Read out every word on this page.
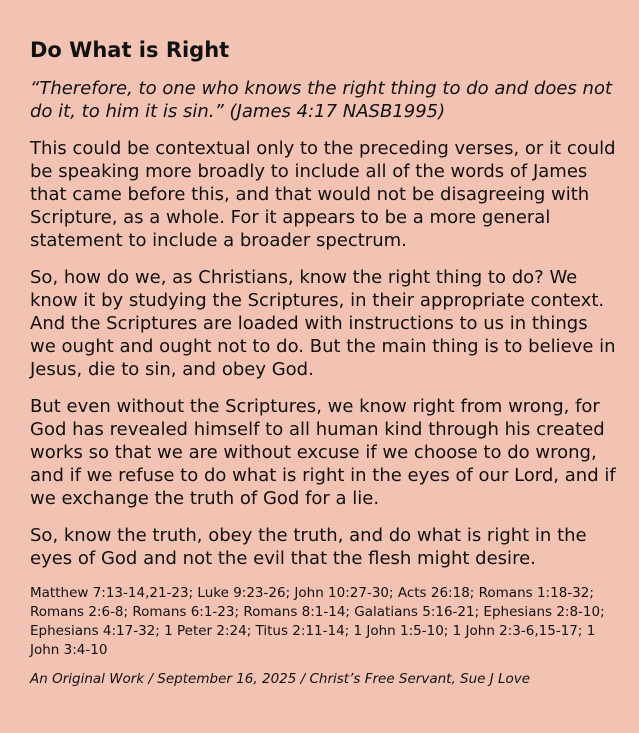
Do What is Right

“Therefore, to one who knows the right thing to do and does not do it, to him it is sin.” (James 4:17 NASB1995)

This could be contextual only to the preceding verses, or it could be speaking more broadly to include all of the words of James that came before this, and that would not be disagreeing with Scripture, as a whole. For it appears to be a more general statement to include a broader spectrum.

So, how do we, as Christians, know the right thing to do? We know it by studying the Scriptures, in their appropriate context. And the Scriptures are loaded with instructions to us in things we ought and ought not to do. But the main thing is to believe in Jesus, die to sin, and obey God.

But even without the Scriptures, we know right from wrong, for God has revealed himself to all human kind through his created works so that we are without excuse if we choose to do wrong, and if we refuse to do what is right in the eyes of our Lord, and if we exchange the truth of God for a lie.

So, know the truth, obey the truth, and do what is right in the eyes of God and not the evil that the flesh might desire.

Matthew 7:13-14,21-23; Luke 9:23-26; John 10:27-30; Acts 26:18; Romans 1:18-32; Romans 2:6-8; Romans 6:1-23; Romans 8:1-14; Galatians 5:16-21; Ephesians 2:8-10; Ephesians 4:17-32; 1 Peter 2:24; Titus 2:11-14; 1 John 1:5-10; 1 John 2:3-6,15-17; 1 John 3:4-10

An Original Work / September 16, 2025 / Christ’s Free Servant, Sue J Love
